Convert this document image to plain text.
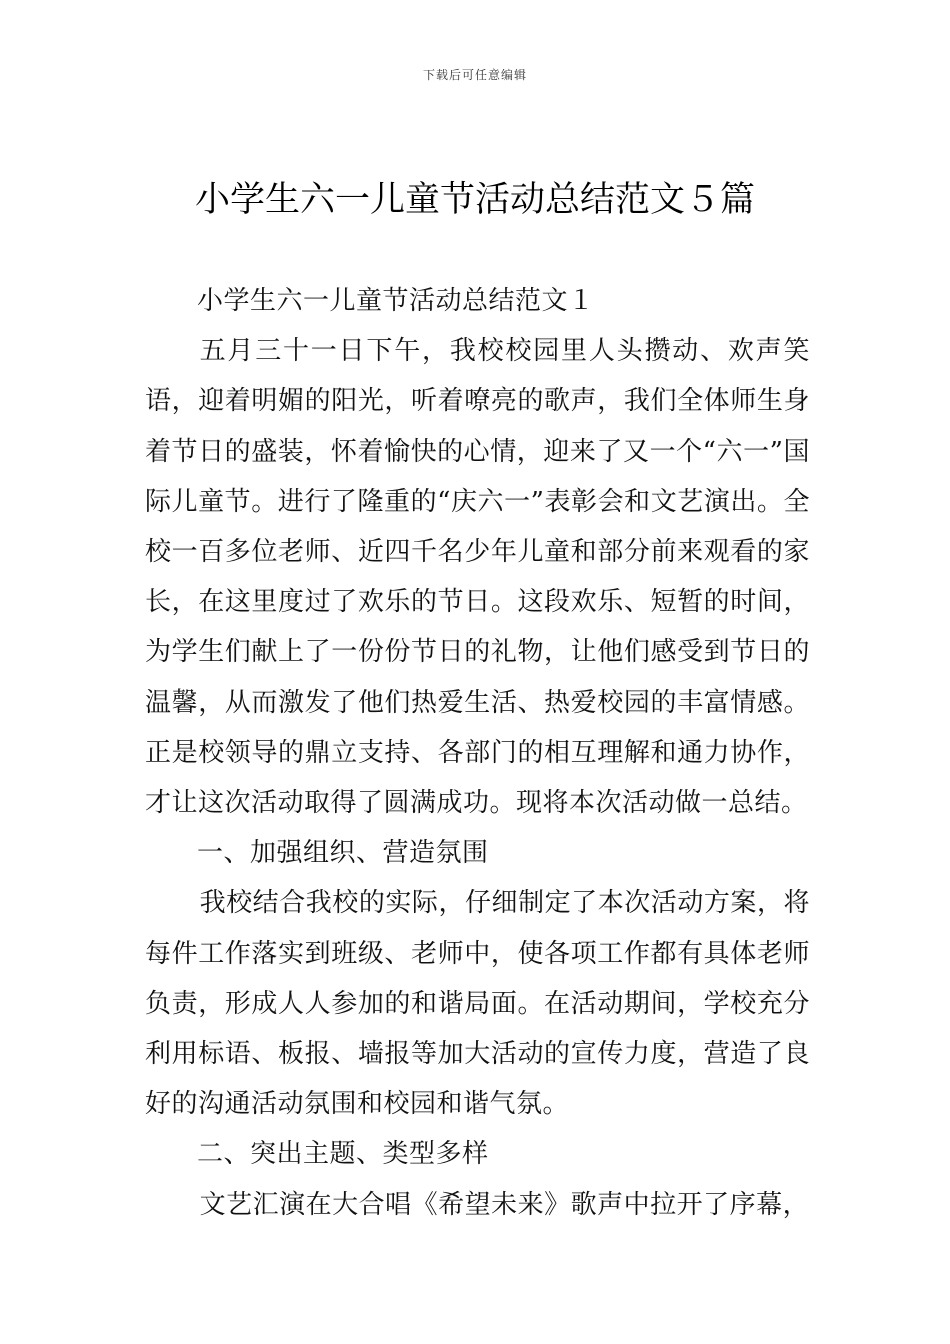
下载后可任意编辑
小学生六一儿童节活动总结范文５篇

小学生六一儿童节活动总结范文１

五月三十一日下午，我校校园里人头攒动、欢声笑语，迎着明媚的阳光，听着嘹亮的歌声，我们全体师生身着节日的盛装，怀着愉快的心情，迎来了又一个“六一”国际儿童节。进行了隆重的“庆六一”表彰会和文艺演出。全校一百多位老师、近四千名少年儿童和部分前来观看的家长，在这里度过了欢乐的节日。这段欢乐、短暂的时间，为学生们献上了一份份节日的礼物，让他们感受到节日的温馨，从而激发了他们热爱生活、热爱校园的丰富情感。正是校领导的鼎立支持、各部门的相互理解和通力协作，才让这次活动取得了圆满成功。现将本次活动做一总结。

一、加强组织、营造氛围

我校结合我校的实际，仔细制定了本次活动方案，将每件工作落实到班级、老师中，使各项工作都有具体老师负责，形成人人参加的和谐局面。在活动期间，学校充分利用标语、板报、墙报等加大活动的宣传力度，营造了良好的沟通活动氛围和校园和谐气氛。

二、突出主题、类型多样

文艺汇演在大合唱《希望未来》歌声中拉开了序幕，
